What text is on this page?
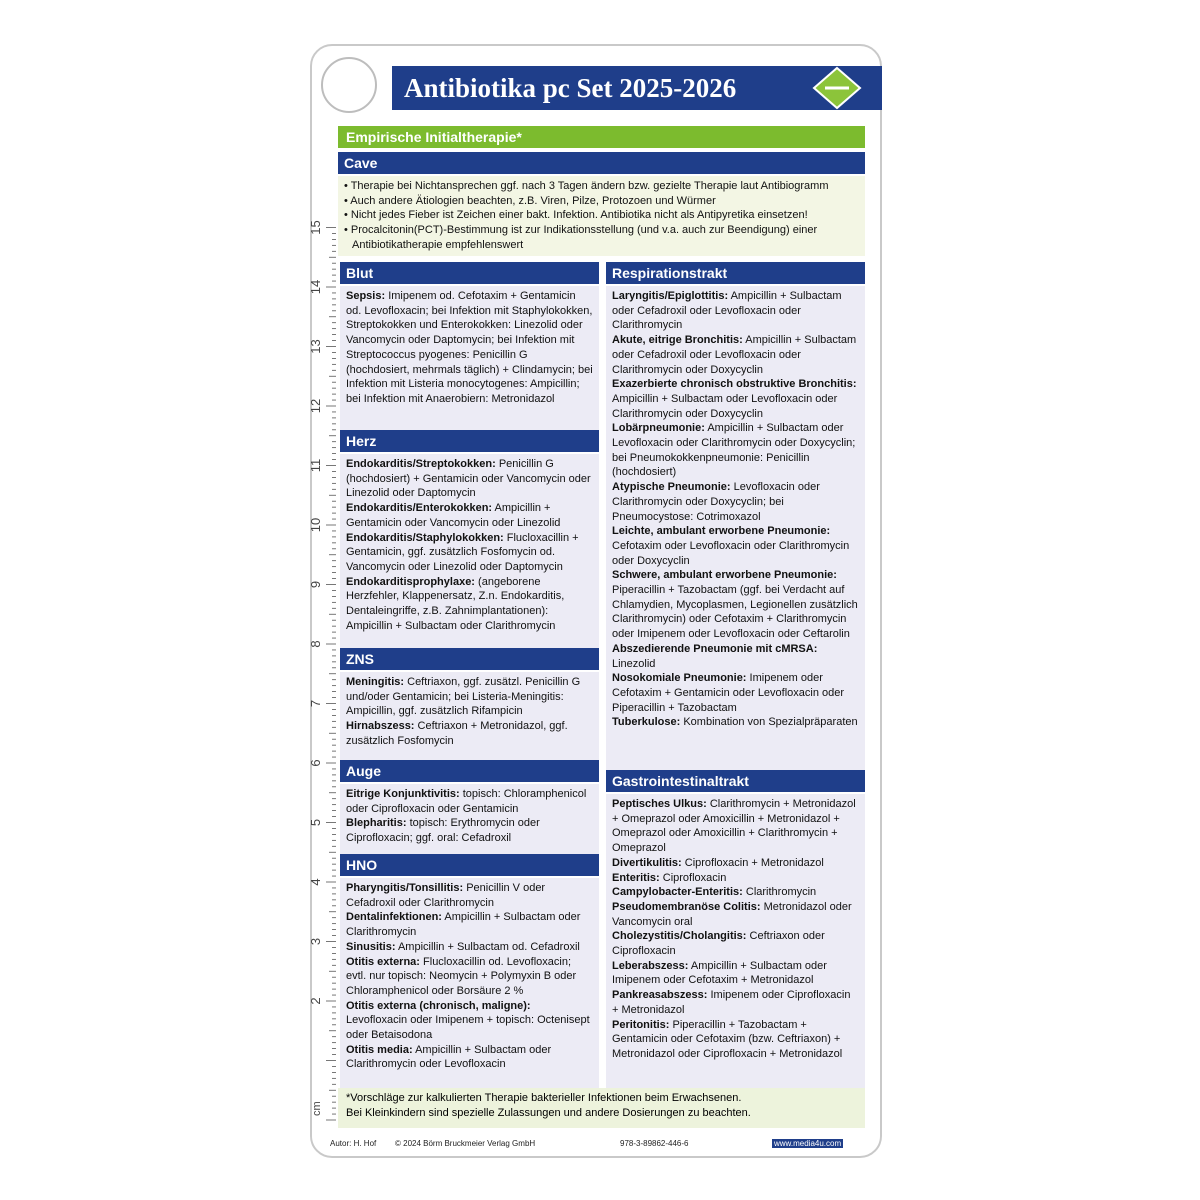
Antibiotika pc Set 2025-2026
Empirische Initialtherapie*
Cave

• Therapie bei Nichtansprechen ggf. nach 3 Tagen ändern bzw. gezielte Therapie laut Antibiogramm

• Auch andere Ätiologien beachten, z.B. Viren, Pilze, Protozoen und Würmer

• Nicht jedes Fieber ist Zeichen einer bakt. Infektion. Antibiotika nicht als Antipyretika einsetzen!

• Procalcitonin(PCT)-Bestimmung ist zur Indikationsstellung (und v.a. auch zur Beendigung) einer Antibiotikatherapie empfehlenswert

2
3
4
5
6
7
8
9
10
11
12
13
14
15
cm
Blut

Sepsis: Imipenem od. Cefotaxim + Gentamicin od. Levofloxacin; bei Infektion mit Staphylokokken, Streptokokken und Enterokokken: Linezolid oder Vancomycin oder Daptomycin; bei Infektion mit Streptococcus pyogenes: Penicillin G (hochdosiert, mehrmals täglich) + Clindamycin; bei Infektion mit Listeria monocytogenes: Ampicillin; bei Infektion mit Anaerobiern: Metronidazol

Herz

Endokarditis/Streptokokken: Penicillin G (hochdosiert) + Gentamicin oder Vancomycin oder Linezolid oder Daptomycin

Endokarditis/Enterokokken: Ampicillin + Gentamicin oder Vancomycin oder Linezolid

Endokarditis/Staphylokokken: Flucloxacillin + Gentamicin, ggf. zusätzlich Fosfomycin od. Vancomycin oder Linezolid oder Daptomycin

Endokarditisprophylaxe: (angeborene Herzfehler, Klappenersatz, Z.n. Endokarditis, Dentaleingriffe, z.B. Zahnimplantationen): Ampicillin + Sulbactam oder Clarithromycin

ZNS

Meningitis: Ceftriaxon, ggf. zusätzl. Penicillin G und/oder Gentamicin; bei Listeria-Meningitis: Ampicillin, ggf. zusätzlich Rifampicin

Hirnabszess: Ceftriaxon + Metronidazol, ggf. zusätzlich Fosfomycin

Auge

Eitrige Konjunktivitis: topisch: Chloramphenicol oder Ciprofloxacin oder Gentamicin

Blepharitis: topisch: Erythromycin oder Ciprofloxacin; ggf. oral: Cefadroxil

HNO

Pharyngitis/Tonsillitis: Penicillin V oder Cefadroxil oder Clarithromycin

Dentalinfektionen: Ampicillin + Sulbactam oder Clarithromycin

Sinusitis: Ampicillin + Sulbactam od. Cefadroxil

Otitis externa: Flucloxacillin od. Levofloxacin; evtl. nur topisch: Neomycin + Polymyxin B oder Chloramphenicol oder Borsäure 2 %

Otitis externa (chronisch, maligne): Levofloxacin oder Imipenem + topisch: Octenisept oder Betaisodona

Otitis media: Ampicillin + Sulbactam oder Clarithromycin oder Levofloxacin

Respirationstrakt

Laryngitis/Epiglottitis: Ampicillin + Sulbactam oder Cefadroxil oder Levofloxacin oder Clarithromycin

Akute, eitrige Bronchitis: Ampicillin + Sulbactam oder Cefadroxil oder Levofloxacin oder Clarithromycin oder Doxycyclin

Exazerbierte chronisch obstruktive Bronchitis: Ampicillin + Sulbactam oder Levofloxacin oder Clarithromycin oder Doxycyclin

Lobärpneumonie: Ampicillin + Sulbactam oder Levofloxacin oder Clarithromycin oder Doxycyclin; bei Pneumokokkenpneumonie: Penicillin (hochdosiert)

Atypische Pneumonie: Levofloxacin oder Clarithromycin oder Doxycyclin; bei Pneumocystose: Cotrimoxazol

Leichte, ambulant erworbene Pneumonie: Cefotaxim oder Levofloxacin oder Clarithromycin oder Doxycyclin

Schwere, ambulant erworbene Pneumonie: Piperacillin + Tazobactam (ggf. bei Verdacht auf Chlamydien, Mycoplasmen, Legionellen zusätzlich Clarithromycin) oder Cefotaxim + Clarithromycin oder Imipenem oder Levofloxacin oder Ceftarolin

Abszedierende Pneumonie mit cMRSA: Linezolid

Nosokomiale Pneumonie: Imipenem oder Cefotaxim + Gentamicin oder Levofloxacin oder Piperacillin + Tazobactam

Tuberkulose: Kombination von Spezialpräparaten

Gastrointestinaltrakt

Peptisches Ulkus: Clarithromycin + Metronidazol + Omeprazol oder Amoxicillin + Metronidazol + Omeprazol oder Amoxicillin + Clarithromycin + Omeprazol

Divertikulitis: Ciprofloxacin + Metronidazol

Enteritis: Ciprofloxacin

Campylobacter-Enteritis: Clarithromycin

Pseudomembranöse Colitis: Metronidazol oder Vancomycin oral

Cholezystitis/Cholangitis: Ceftriaxon oder Ciprofloxacin

Leberabszess: Ampicillin + Sulbactam oder Imipenem oder Cefotaxim + Metronidazol

Pankreasabszess: Imipenem oder Ciprofloxacin + Metronidazol

Peritonitis: Piperacillin + Tazobactam + Gentamicin oder Cefotaxim (bzw. Ceftriaxon) + Metronidazol oder Ciprofloxacin + Metronidazol

*Vorschläge zur kalkulierten Therapie bakterieller Infektionen beim Erwachsenen.

Bei Kleinkindern sind spezielle Zulassungen und andere Dosierungen zu beachten.

Autor: H. Hof © 2024 Börm Bruckmeier Verlag GmbH	978-3-89862-446-6	www.media4u.com
